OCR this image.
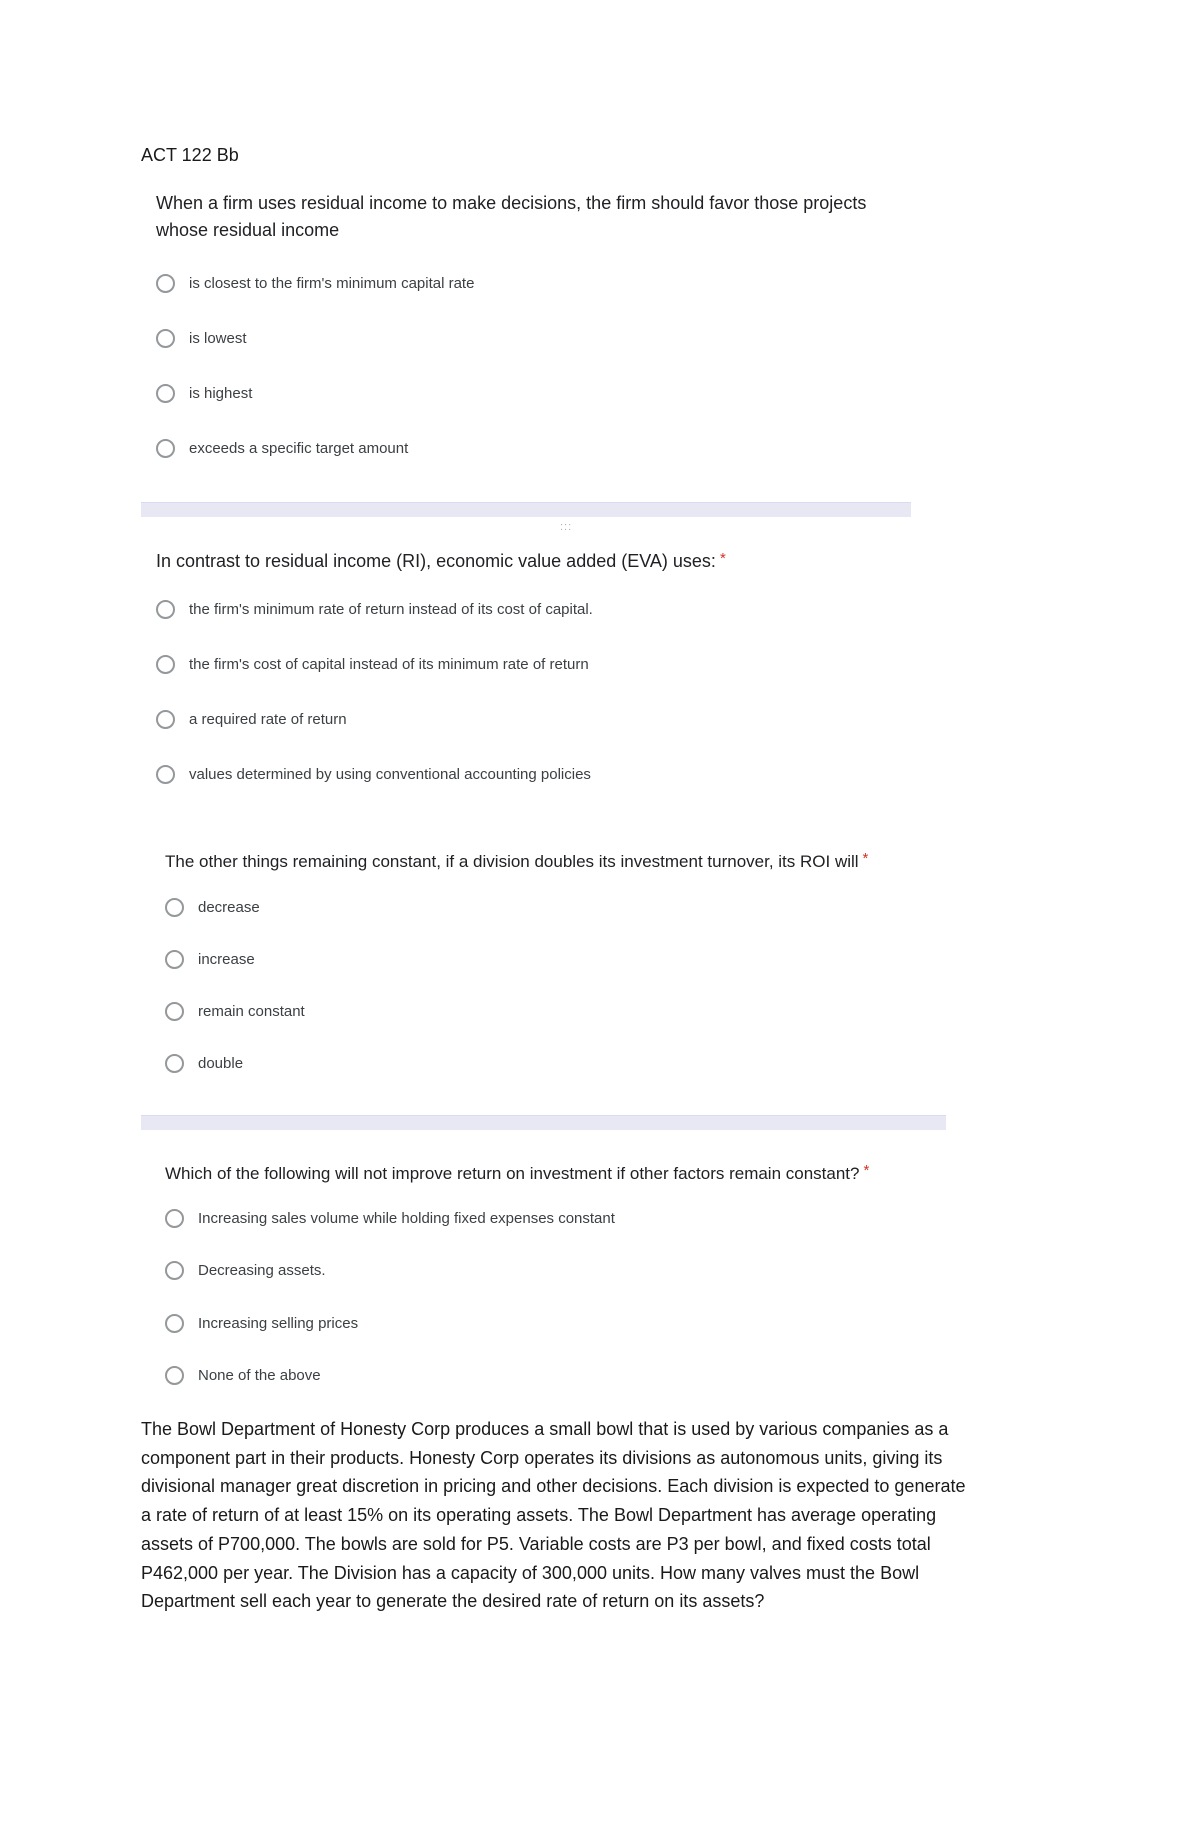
ACT 122 Bb
When a firm uses residual income to make decisions, the firm should favor those projects
whose residual income
is closest to the firm's minimum capital rate
is lowest
is highest
exceeds a specific target amount
:::
In contrast to residual income (RI), economic value added (EVA) uses: *
the firm's minimum rate of return instead of its cost of capital.
the firm's cost of capital instead of its minimum rate of return
a required rate of return
values determined by using conventional accounting policies
The other things remaining constant, if a division doubles its investment turnover, its ROI will *
decrease
increase
remain constant
double
Which of the following will not improve return on investment if other factors remain constant? *
Increasing sales volume while holding fixed expenses constant
Decreasing assets.
Increasing selling prices
None of the above
The Bowl Department of Honesty Corp produces a small bowl that is used by various companies as a
component part in their products. Honesty Corp operates its divisions as autonomous units, giving its
divisional manager great discretion in pricing and other decisions. Each division is expected to generate
a rate of return of at least 15% on its operating assets. The Bowl Department has average operating
assets of P700,000. The bowls are sold for P5. Variable costs are P3 per bowl, and fixed costs total
P462,000 per year. The Division has a capacity of 300,000 units. How many valves must the Bowl
Department sell each year to generate the desired rate of return on its assets?
